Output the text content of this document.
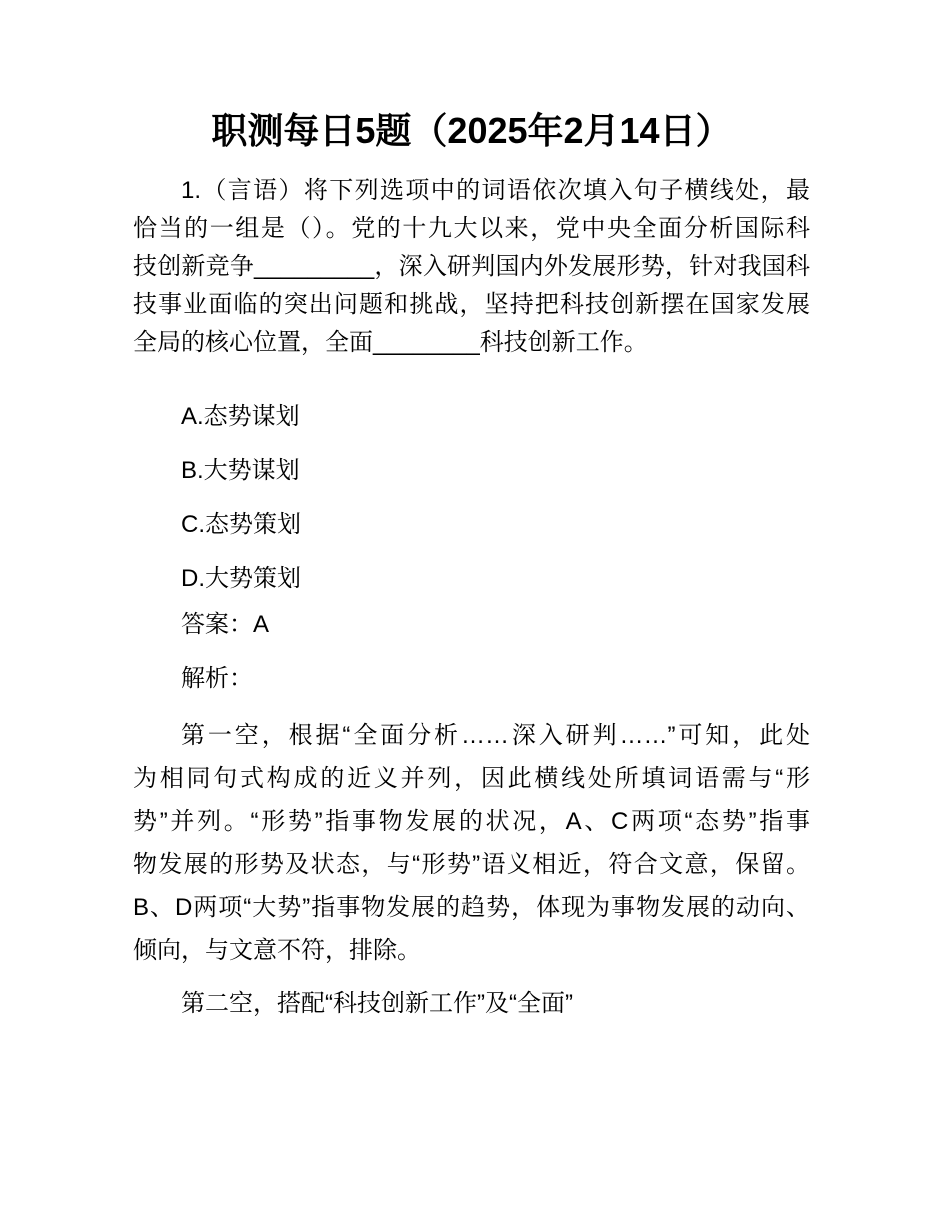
职测每日5题（2025年2月14日）
1.（言语）将下列选项中的词语依次填入句子横线处，最
恰当的一组是（）。党的十九大以来，党中央全面分析国际科
技创新竞争_________，深入研判国内外发展形势，针对我国科
技事业面临的突出问题和挑战，坚持把科技创新摆在国家发展
全局的核心位置，全面________科技创新工作。
A.态势谋划
B.大势谋划
C.态势策划
D.大势策划
答案：A
解析：
第一空，根据“全面分析……深入研判……”可知，此处
为相同句式构成的近义并列，因此横线处所填词语需与“形
势”并列。“形势”指事物发展的状况，A、C两项“态势”指事
物发展的形势及状态，与“形势”语义相近，符合文意，保留。
B、D两项“大势”指事物发展的趋势，体现为事物发展的动向、
倾向，与文意不符，排除。
第二空，搭配“科技创新工作”及“全面”
